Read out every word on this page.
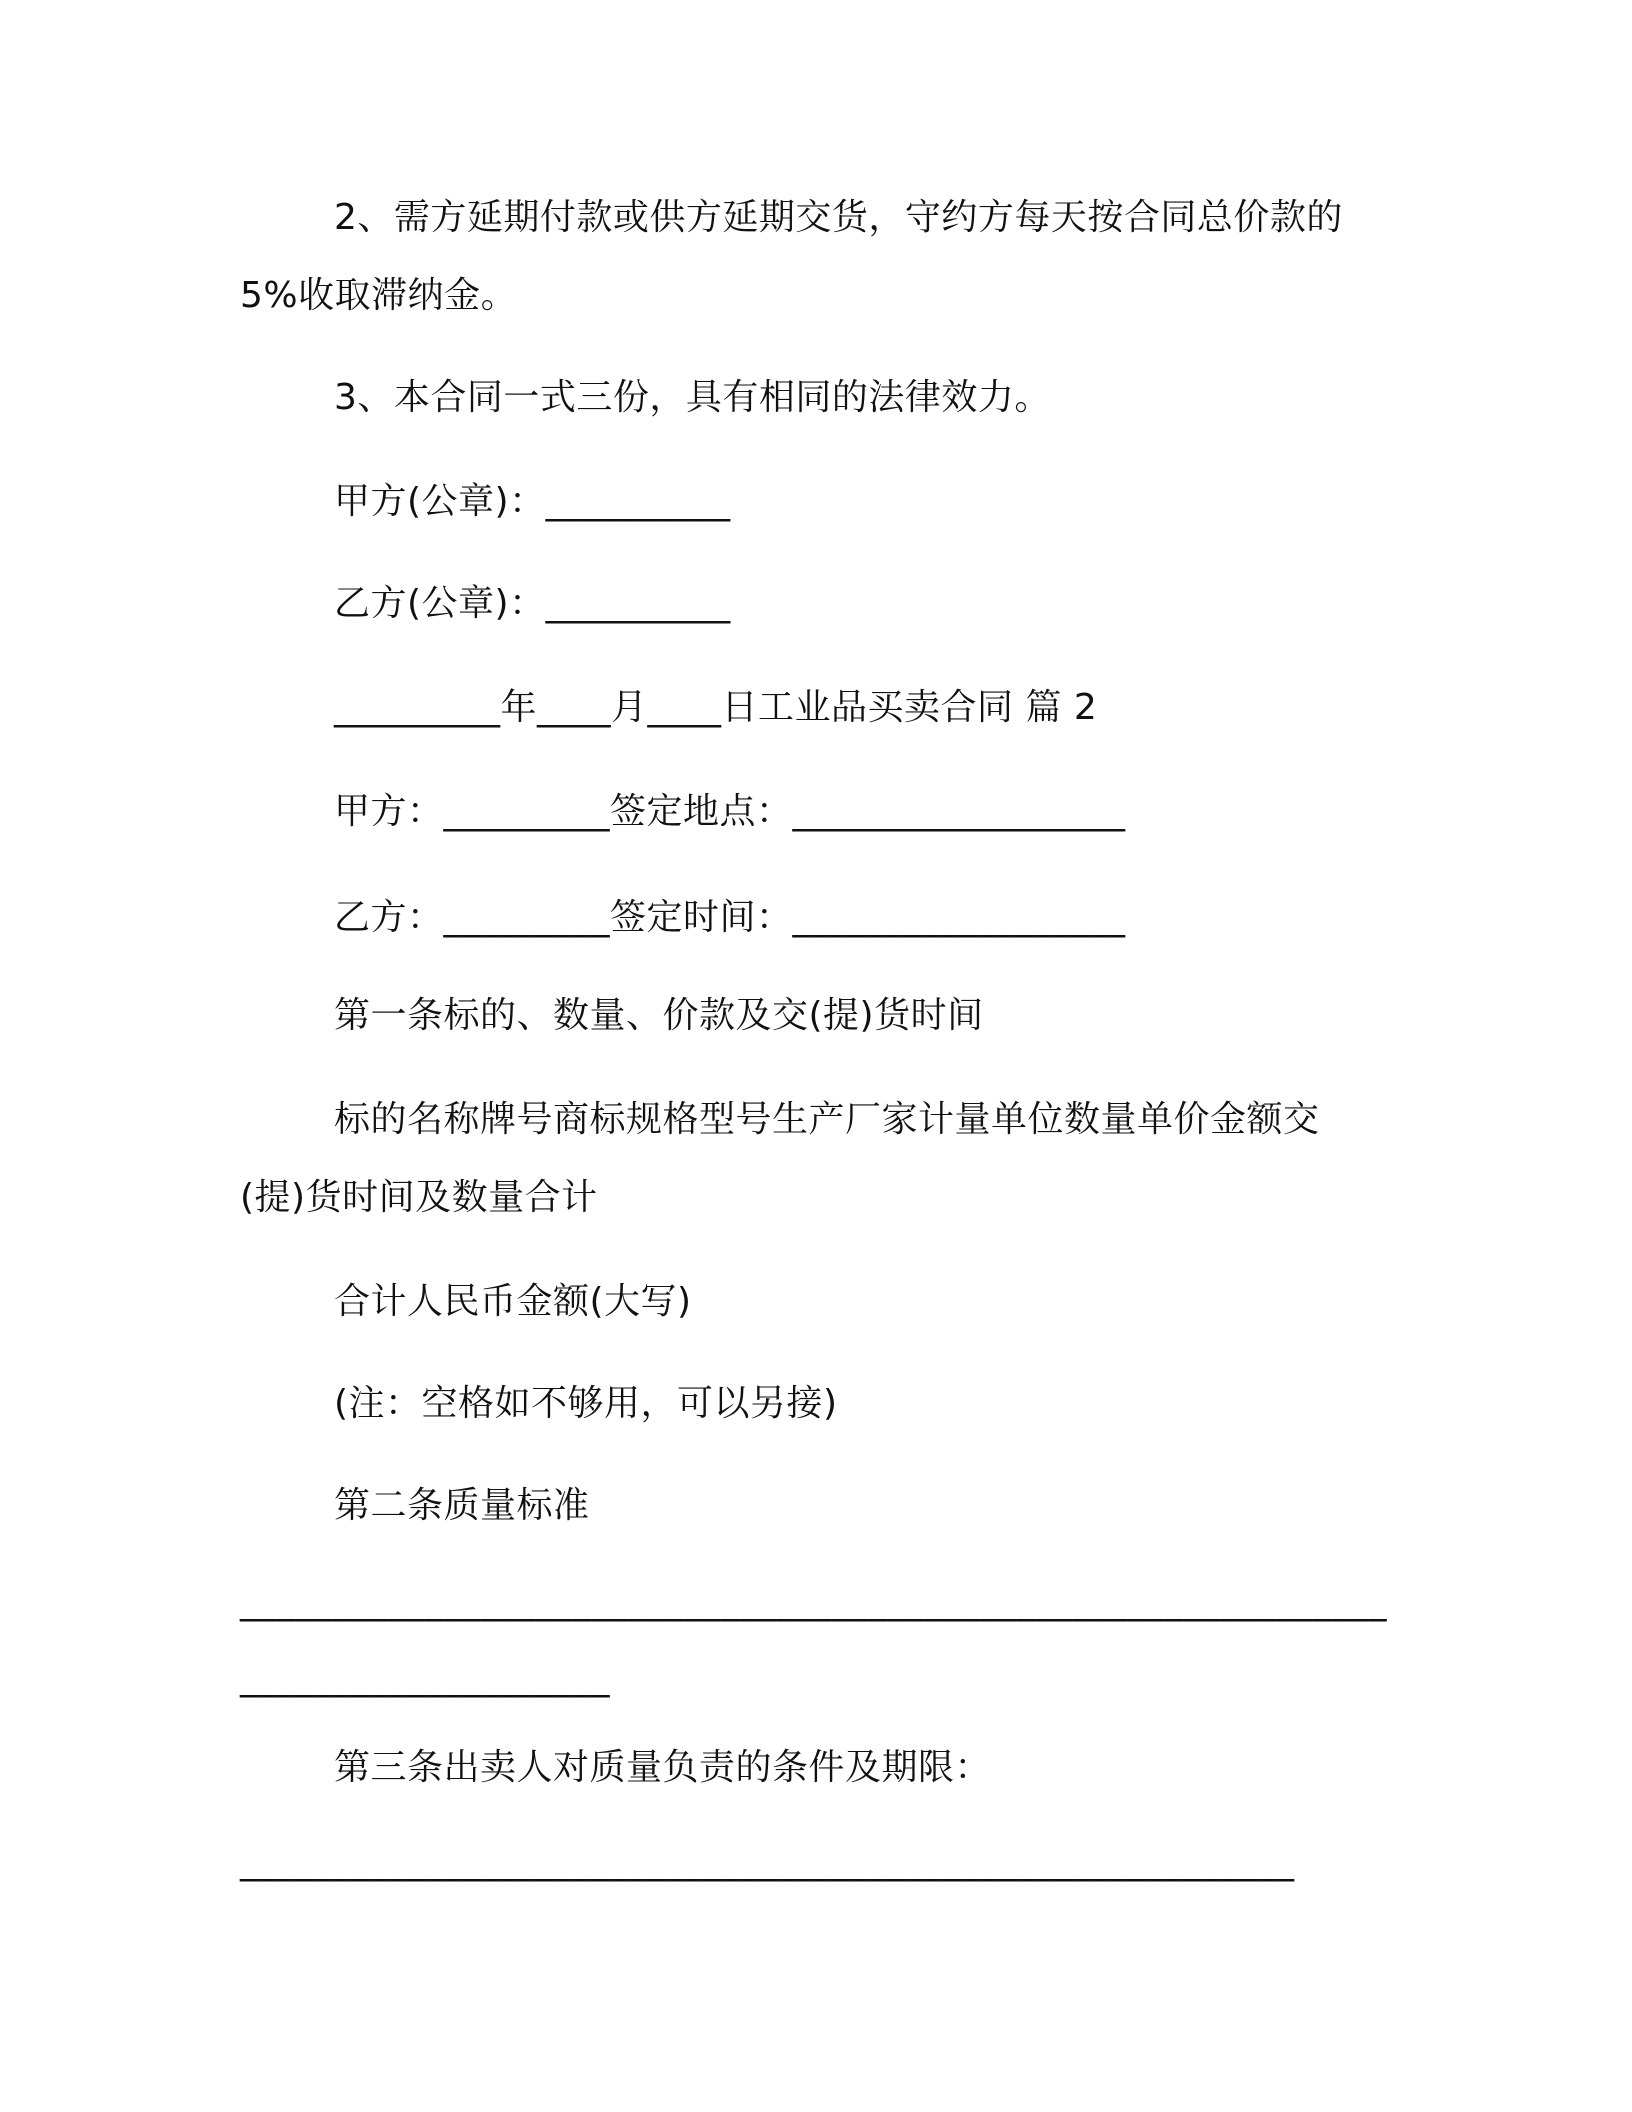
2、需方延期付款或供方延期交货，守约方每天按合同总价款的
5%收取滞纳金。
3、本合同一式三份，具有相同的法律效力。
甲方(公章)：__________
乙方(公章)：__________
_________年____月____日工业品买卖合同 篇 2
甲方：_________签定地点：__________________
乙方：_________签定时间：__________________
第一条标的、数量、价款及交(提)货时间
标的名称牌号商标规格型号生产厂家计量单位数量单价金额交
(提)货时间及数量合计
合计人民币金额(大写)
(注：空格如不够用，可以另接)
第二条质量标准
______________________________________________________________
____________________
第三条出卖人对质量负责的条件及期限：
_________________________________________________________
